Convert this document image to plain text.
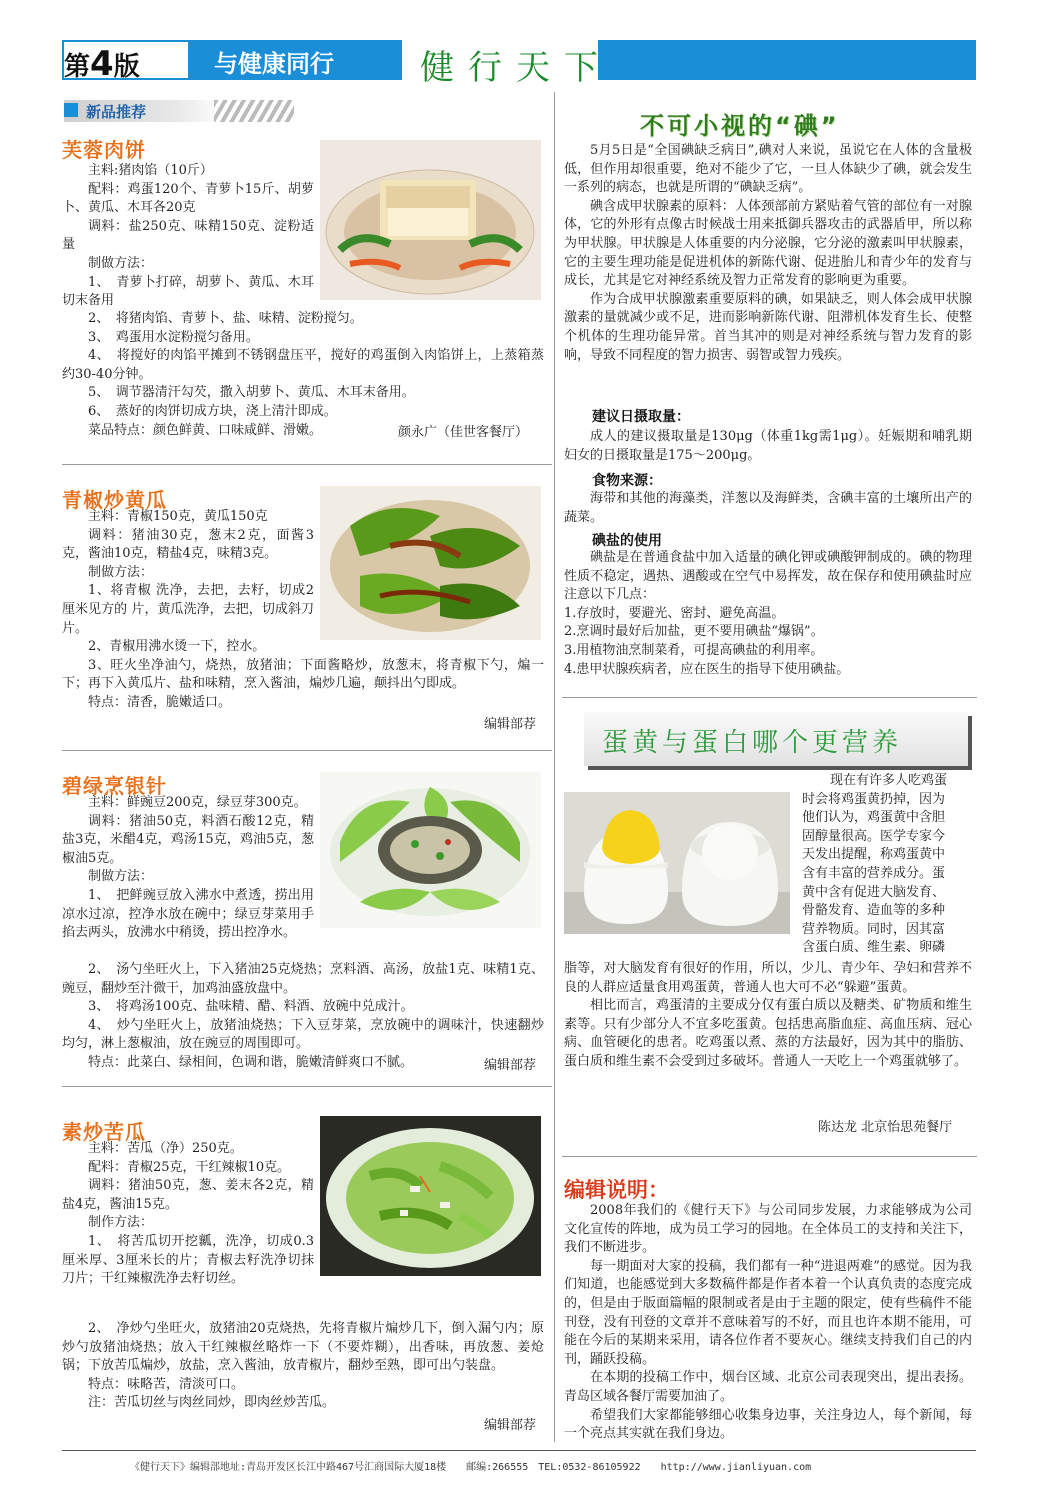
第4版	与健康同行	健行天下
新品推荐
芙蓉肉饼

主料:猪肉馅（10斤）

配料：鸡蛋120个、青萝卜15斤、胡萝卜、黄瓜、木耳各20克

调料：盐250克、味精150克、淀粉适量

制做方法：

1、　青萝卜打碎，胡萝卜、黄瓜、木耳切末备用

2、　将猪肉馅、青萝卜、盐、味精、淀粉搅匀。

3、　鸡蛋用水淀粉搅匀备用。

4、　将搅好的肉馅平摊到不锈钢盘压平，搅好的鸡蛋倒入肉馅饼上，上蒸箱蒸约30-40分钟。

5、　调节器清汗勾芡，撒入胡萝卜、黄瓜、木耳末备用。

6、　蒸好的肉饼切成方块，浇上清汁即成。

菜品特点：颜色鲜黄、口味咸鲜、滑嫩。	颜永广（佳世客餐厅）
青椒炒黄瓜

主料：青椒150克，黄瓜150克

调料：猪油30克，葱末2克，面酱3克，酱油10克，精盐4克，味精3克。

制做方法：

1、将青椒 洗净，去把，去籽，切成2厘米见方的 片，黄瓜洗净，去把，切成斜刀片。

2、青椒用沸水烫一下，控水。

3、旺火坐净油勺，烧热，放猪油；下面酱略炒，放葱末，将青椒下勺，煸一下；再下入黄瓜片、盐和味精，烹入酱油，煸炒几遍，颠抖出勺即成。

特点：清香，脆嫩适口。

编辑部荐
碧绿烹银针

主料：鲜豌豆200克，绿豆芽300克。

调料：猪油50克，料酒石酸12克，精盐3克，米醋4克，鸡汤15克，鸡油5克，葱椒油5克。

制做方法：

1、　把鲜豌豆放入沸水中煮透，捞出用凉水过凉，控净水放在碗中；绿豆芽菜用手掐去两头，放沸水中稍烫，捞出控净水。

2、　汤勺坐旺火上，下入猪油25克烧热；烹料酒、高汤，放盐1克、味精1克、豌豆，翻炒至汁微干，加鸡油盛放盘中。

3、　将鸡汤100克、盐味精、醋、料酒、放碗中兑成汁。

4、　炒勺坐旺火上，放猪油烧热；下入豆芽菜，烹放碗中的调味汁，快速翻炒均匀，淋上葱椒油，放在豌豆的周围即可。

特点：此菜白、绿相间，色调和谐，脆嫩清鲜爽口不腻。	编辑部荐
素炒苦瓜

主料：苦瓜（净）250克。

配料：青椒25克，干红辣椒10克。

调料：猪油50克，葱、姜末各2克，精盐4克，酱油15克。

制作方法：

1、　将苦瓜切开挖瓤，洗净，切成0.3厘米厚、3厘米长的片；青椒去籽洗净切抹刀片；干红辣椒洗净去籽切丝。

2、　净炒勺坐旺火，放猪油20克烧热，先将青椒片煸炒几下，倒入漏勺内；原炒勺放猪油烧热；放入干红辣椒丝略炸一下（不要炸糊），出香味，再放葱、姜炝锅；下放苦瓜煸炒，放盐，烹入酱油，放青椒片，翻炒至熟，即可出勺装盘。

特点：味略苦，清淡可口。

注：苦瓜切丝与肉丝同炒，即肉丝炒苦瓜。

编辑部荐
不可小视的“碘”

5月5日是“全国碘缺乏病日”,碘对人来说，虽说它在人体的含量极低，但作用却很重要，绝对不能少了它，一旦人体缺少了碘，就会发生一系列的病态，也就是所谓的“碘缺乏病”。

碘含成甲状腺素的原料：人体颈部前方紧贴着气管的部位有一对腺体，它的外形有点像古时候战士用来抵御兵器攻击的武器盾甲，所以称为甲状腺。甲状腺是人体重要的内分泌腺，它分泌的激素叫甲状腺素，它的主要生理功能是促进机体的新陈代谢、促进胎儿和青少年的发育与成长，尤其是它对神经系统及智力正常发育的影响更为重要。

作为合成甲状腺激素重要原料的碘，如果缺乏，则人体会成甲状腺激素的量就减少或不足，进而影响新陈代谢、阻滞机体发育生长、使整个机体的生理功能异常。首当其冲的则是对神经系统与智力发育的影响，导致不同程度的智力损害、弱智或智力残疾。

建议日摄取量：

成人的建议摄取量是130μg（体重1kg需1μg）。妊娠期和哺乳期妇女的日摄取量是175～200μg。

食物来源：

海带和其他的海藻类，洋葱以及海鲜类，含碘丰富的土壤所出产的蔬菜。

碘盐的使用

碘盐是在普通食盐中加入适量的碘化钾或碘酸钾制成的。碘的物理性质不稳定，遇热、遇酸或在空气中易挥发，故在保存和使用碘盐时应注意以下几点：

1.存放时，要避光、密封、避免高温。

2.烹调时最好后加盐，更不要用碘盐“爆锅”。

3.用植物油烹制菜肴，可提高碘盐的利用率。

4.患甲状腺疾病者，应在医生的指导下使用碘盐。

蛋黄与蛋白哪个更营养

现在有许多人吃鸡蛋

时会将鸡蛋黄扔掉，因为

他们认为，鸡蛋黄中含胆

固醇量很高。医学专家今

天发出提醒，称鸡蛋黄中

含有丰富的营养成分。蛋

黄中含有促进大脑发育、

骨骼发育、造血等的多种

营养物质。同时，因其富

含蛋白质、维生素、卵磷

脂等，对大脑发育有很好的作用，所以，少儿、青少年、孕妇和营养不良的人群应适量食用鸡蛋黄，普通人也大可不必“躲避”蛋黄。

相比而言，鸡蛋清的主要成分仅有蛋白质以及糖类、矿物质和维生素等。只有少部分人不宜多吃蛋黄。包括患高脂血症、高血压病、冠心病、血管硬化的患者。吃鸡蛋以煮、蒸的方法最好，因为其中的脂肪、蛋白质和维生素不会受到过多破坏。普通人一天吃上一个鸡蛋就够了。

陈达龙 北京怡思苑餐厅
编辑说明：

2008年我们的《健行天下》与公司同步发展，力求能够成为公司文化宣传的阵地，成为员工学习的园地。在全体员工的支持和关注下，我们不断进步。

每一期面对大家的投稿，我们都有一种“进退两难”的感觉。因为我们知道，也能感觉到大多数稿件都是作者本着一个认真负责的态度完成的，但是由于版面篇幅的限制或者是由于主题的限定，使有些稿件不能刊登，没有刊登的文章并不意味着写的不好，而且也许本期不能用，可能在今后的某期来采用，请各位作者不要灰心。继续支持我们自己的内刊，踊跃投稿。

在本期的投稿工作中，烟台区域、北京公司表现突出，提出表扬。青岛区域各餐厅需要加油了。

希望我们大家都能够细心收集身边事，关注身边人，每个新闻，每一个亮点其实就在我们身边。

《健行天下》编辑部地址:青岛开发区长江中路467号汇商国际大厦18楼　　邮编:266555　TEL:0532-86105922　　http://www.jianliyuan.com
